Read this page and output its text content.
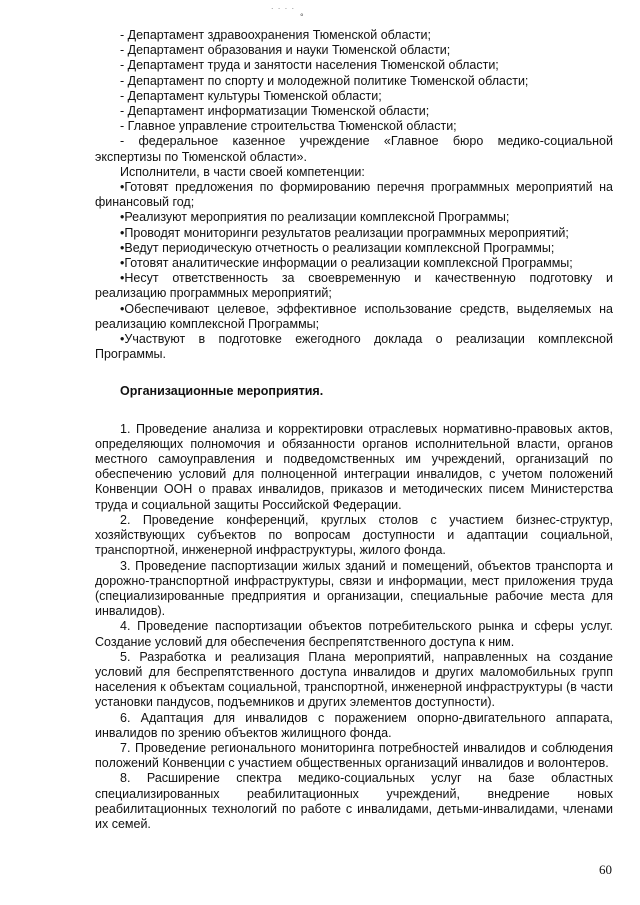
· · · ·
°

- Департамент здравоохранения Тюменской области;

- Департамент образования и науки Тюменской области;

- Департамент труда и занятости населения Тюменской области;

- Департамент по спорту и молодежной политике Тюменской области;

- Департамент культуры Тюменской области;

- Департамент информатизации Тюменской области;

- Главное управление строительства Тюменской области;

- федеральное казенное учреждение «Главное бюро медико-социальной экспертизы по Тюменской области».

Исполнители, в части своей компетенции:

•Готовят предложения по формированию перечня программных мероприятий на финансовый год;

•Реализуют мероприятия по реализации комплексной Программы;

•Проводят мониторинги результатов реализации программных мероприятий;

•Ведут периодическую отчетность о реализации комплексной Программы;

•Готовят аналитические информации о реализации комплексной Программы;

•Несут ответственность за своевременную и качественную подготовку и реализацию программных мероприятий;

•Обеспечивают целевое, эффективное использование средств, выделяемых на реализацию комплексной Программы;

•Участвуют в подготовке ежегодного доклада о реализации комплексной Программы.

Организационные мероприятия.

1. Проведение анализа и корректировки отраслевых нормативно-правовых актов, определяющих полномочия и обязанности органов исполнительной власти, органов местного самоуправления и подведомственных им учреждений, организаций по обеспечению условий для полноценной интеграции инвалидов, с учетом положений Конвенции ООН о правах инвалидов, приказов и методических писем Министерства труда и социальной защиты Российской Федерации.

2. Проведение конференций, круглых столов с участием бизнес-структур, хозяйствующих субъектов по вопросам доступности и адаптации социальной, транспортной, инженерной инфраструктуры, жилого фонда.

3. Проведение паспортизации жилых зданий и помещений, объектов транспорта и дорожно-транспортной инфраструктуры, связи и информации, мест приложения труда (специализированные предприятия и организации, специальные рабочие места для инвалидов).

4. Проведение паспортизации объектов потребительского рынка и сферы услуг. Создание условий для обеспечения беспрепятственного доступа к ним.

5. Разработка и реализация Плана мероприятий, направленных на создание условий для беспрепятственного доступа инвалидов и других маломобильных групп населения к объектам социальной, транспортной, инженерной инфраструктуры (в части установки пандусов, подъемников и других элементов доступности).

6. Адаптация для инвалидов с поражением опорно-двигательного аппарата, инвалидов по зрению объектов жилищного фонда.

7. Проведение регионального мониторинга потребностей инвалидов и соблюдения положений Конвенции с участием общественных организаций инвалидов и волонтеров.

8. Расширение спектра медико-социальных услуг на базе областных специализированных реабилитационных учреждений, внедрение новых реабилитационных технологий по работе с инвалидами, детьми-инвалидами, членами их семей.

60
